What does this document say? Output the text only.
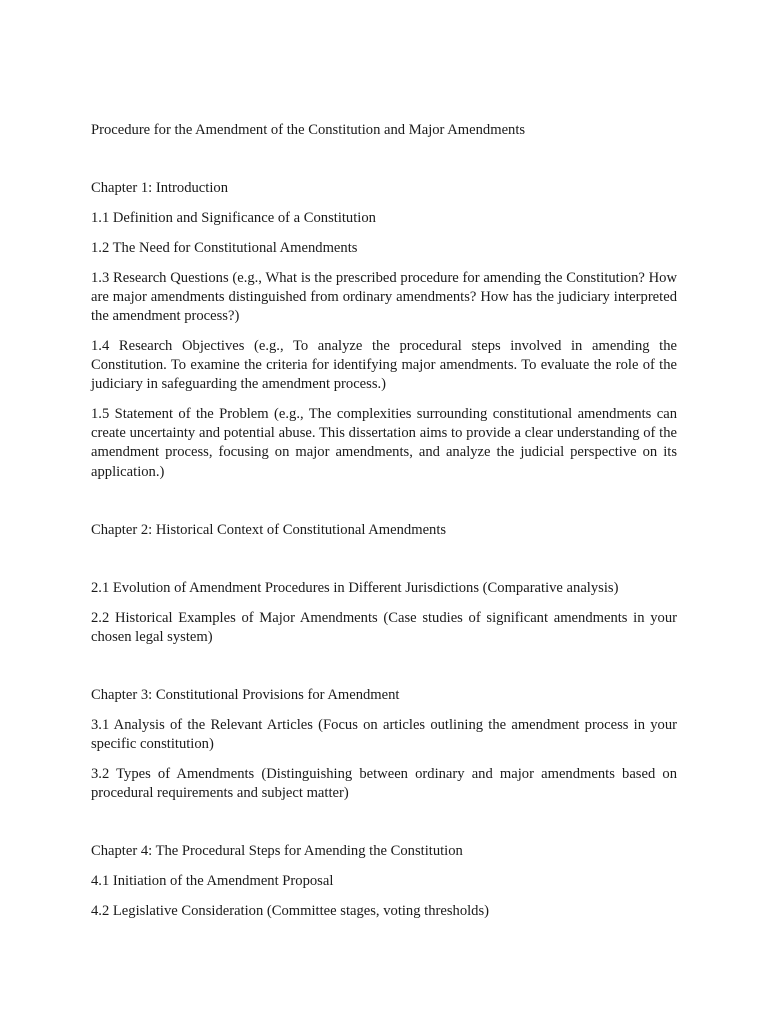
Procedure for the Amendment of the Constitution and Major Amendments

Chapter 1: Introduction

1.1 Definition and Significance of a Constitution

1.2 The Need for Constitutional Amendments

1.3 Research Questions (e.g., What is the prescribed procedure for amending the Constitution? How are major amendments distinguished from ordinary amendments? How has the judiciary interpreted the amendment process?)

1.4 Research Objectives (e.g., To analyze the procedural steps involved in amending the Constitution. To examine the criteria for identifying major amendments. To evaluate the role of the judiciary in safeguarding the amendment process.)

1.5 Statement of the Problem (e.g., The complexities surrounding constitutional amendments can create uncertainty and potential abuse. This dissertation aims to provide a clear understanding of the amendment process, focusing on major amendments, and analyze the judicial perspective on its application.)

Chapter 2: Historical Context of Constitutional Amendments

2.1 Evolution of Amendment Procedures in Different Jurisdictions (Comparative analysis)

2.2 Historical Examples of Major Amendments (Case studies of significant amendments in your chosen legal system)

Chapter 3: Constitutional Provisions for Amendment

3.1 Analysis of the Relevant Articles (Focus on articles outlining the amendment process in your specific constitution)

3.2 Types of Amendments (Distinguishing between ordinary and major amendments based on procedural requirements and subject matter)

Chapter 4: The Procedural Steps for Amending the Constitution

4.1 Initiation of the Amendment Proposal

4.2 Legislative Consideration (Committee stages, voting thresholds)
